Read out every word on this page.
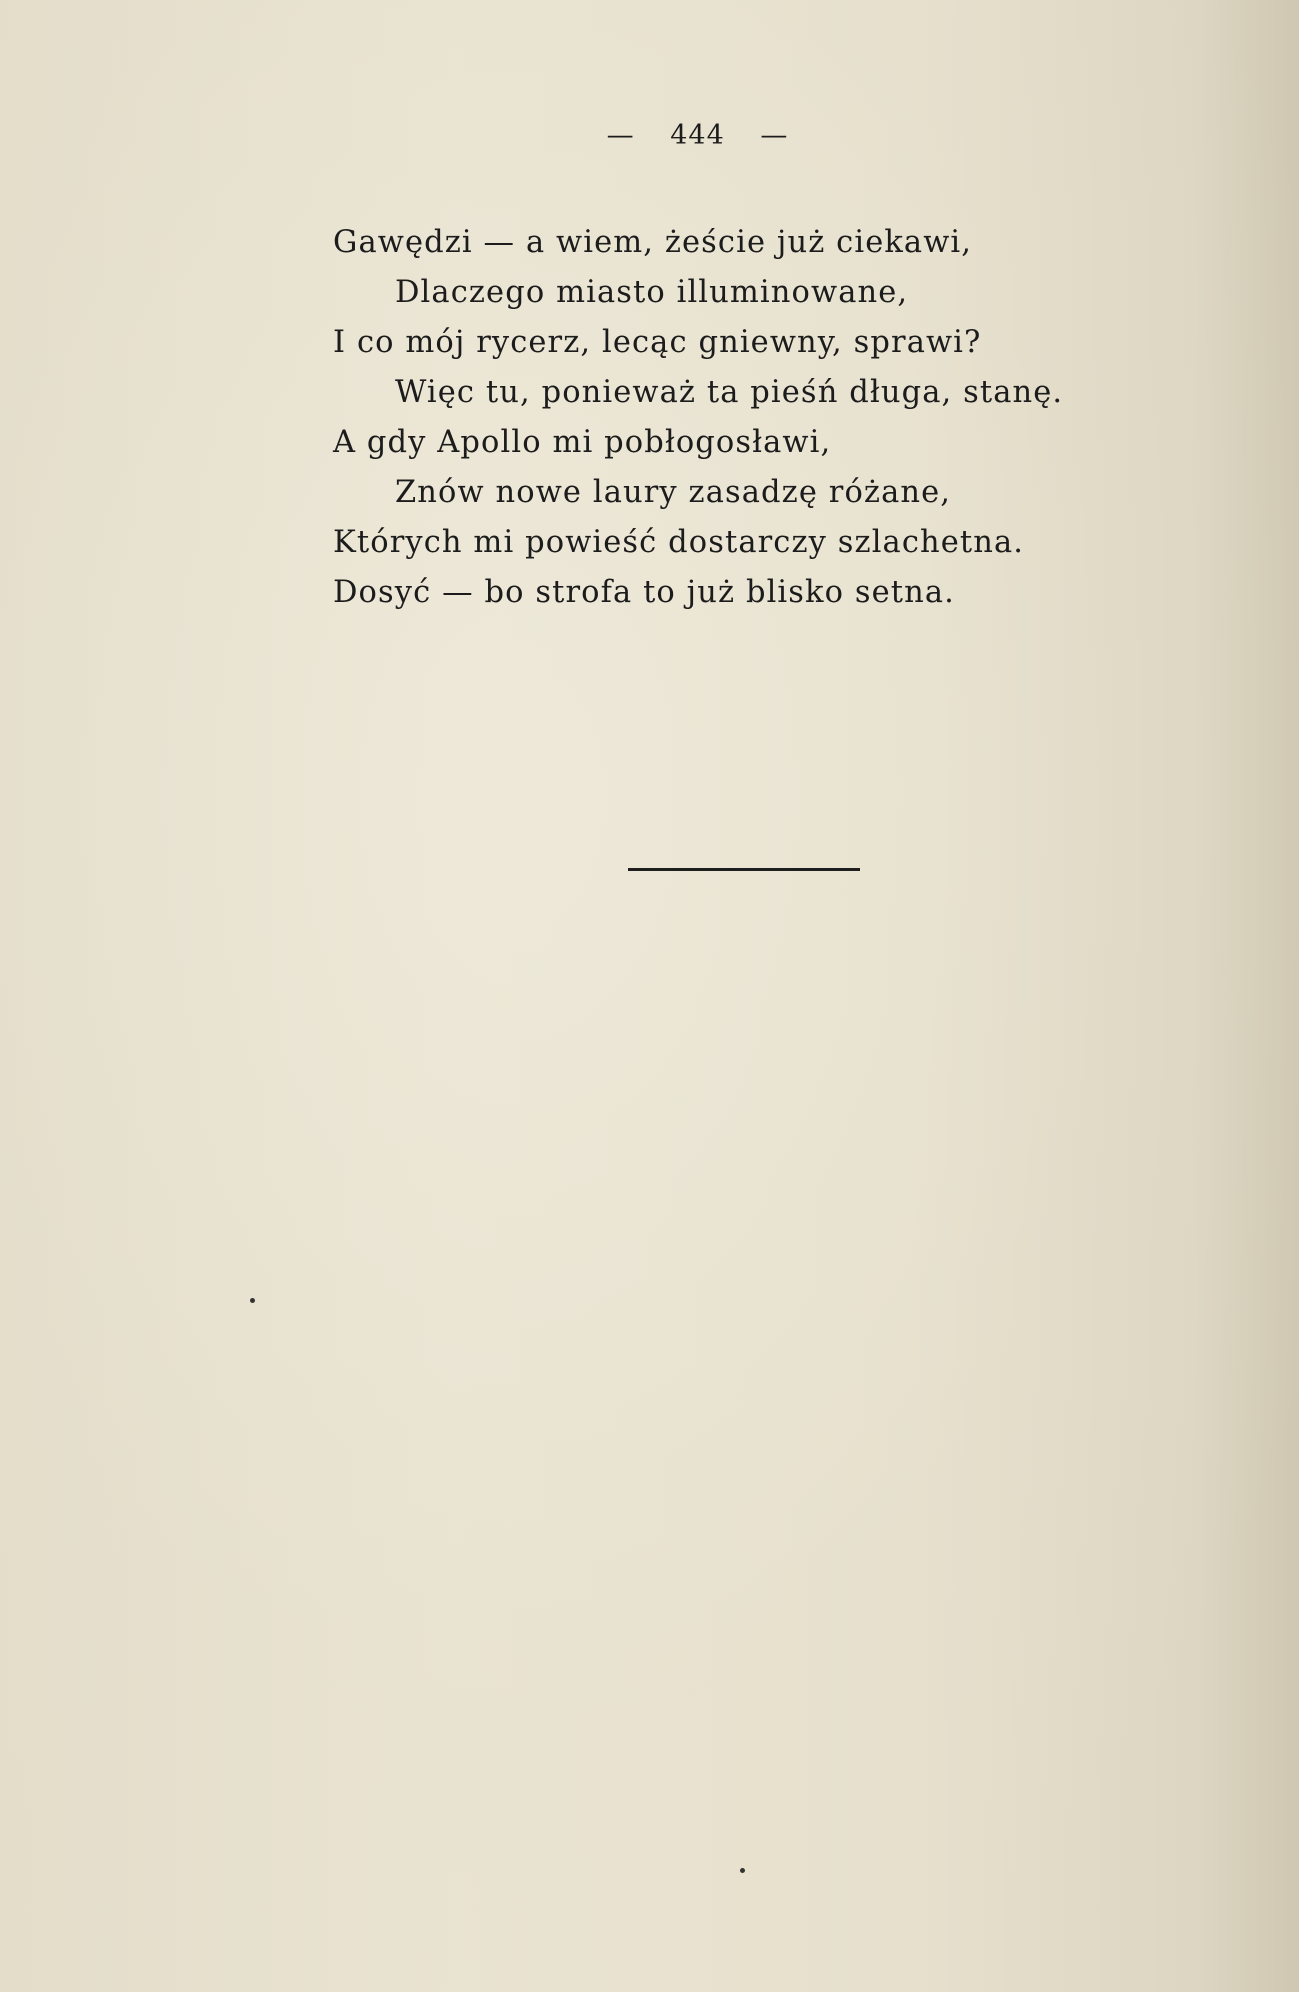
— 444 —
Gawędzi — a wiem, żeście już ciekawi,
Dlaczego miasto illuminowane,
I co mój rycerz, lecąc gniewny, sprawi?
Więc tu, ponieważ ta pieśń długa, stanę.
A gdy Apollo mi pobłogosławi,
Znów nowe laury zasadzę różane,
Których mi powieść dostarczy szlachetna.
Dosyć — bo strofa to już blisko setna.
